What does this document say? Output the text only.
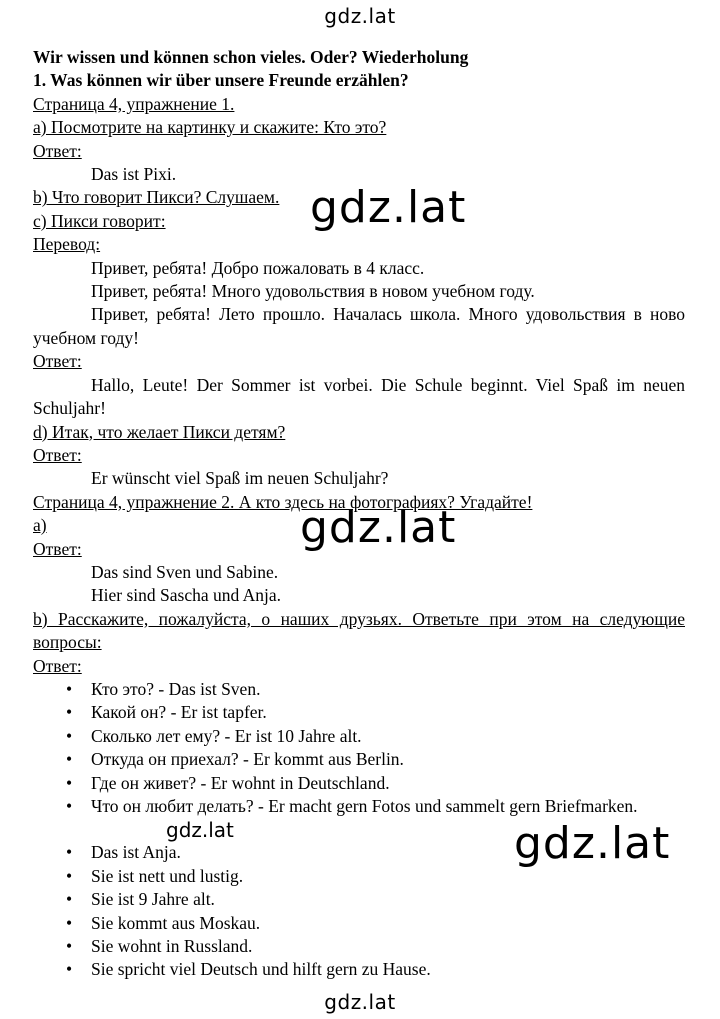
gdz.lat

Wir wissen und können schon vieles. Oder? Wiederholung

1. Was können wir über unsere Freunde erzählen?

Страница 4, упражнение 1.

а) Посмотрите на картинку и скажите: Кто это?

Ответ:

Das ist Pixi.

b) Что говорит Пикси? Слушаем.

c) Пикси говорит:

Перевод:

Привет, ребята! Добро пожаловать в 4 класс.

Привет, ребята! Много удовольствия в новом учебном году.

Привет, ребята! Лето прошло. Началась школа. Много удовольствия в ново учебном году!

Ответ:

Hallo, Leute! Der Sommer ist vorbei. Die Schule beginnt. Viel Spaß im neuen Schuljahr!

d) Итак, что желает Пикси детям?

Ответ:

Er wünscht viel Spaß im neuen Schuljahr?

Страница 4, упражнение 2. А кто здесь на фотографиях? Угадайте!

a)

Ответ:

Das sind Sven und Sabine.

Hier sind Sascha und Anja.

b) Расскажите, пожалуйста, о наших друзьях. Ответьте при этом на следующие вопросы:

Ответ:

• Кто это? - Das ist Sven.
• Какой он? - Er ist tapfer.
• Сколько лет ему? - Er ist 10 Jahre alt.
• Откуда он приехал? - Er kommt aus Berlin.
• Где он живет? - Er wohnt in Deutschland.
• Что он любит делать? - Er macht gern Fotos und sammelt gern Briefmarken.
• Das ist Anja.
• Sie ist nett und lustig.
• Sie ist 9 Jahre alt.
• Sie kommt aus Moskau.
• Sie wohnt in Russland.
• Sie spricht viel Deutsch und hilft gern zu Hause.
gdz.lat
gdz.lat
gdz.lat
gdz.lat
gdz.lat
